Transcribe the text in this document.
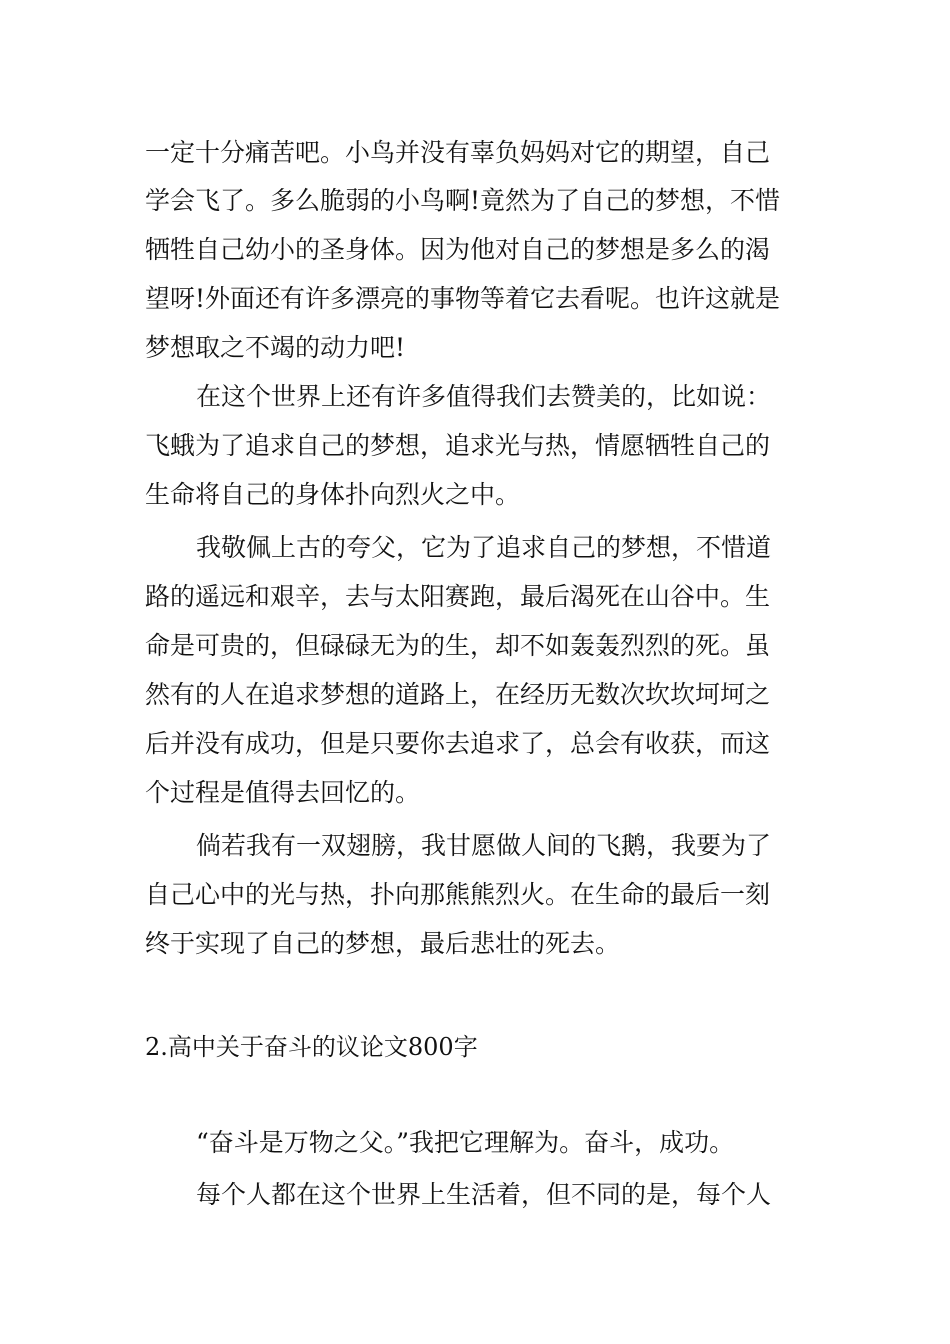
一定十分痛苦吧。小鸟并没有辜负妈妈对它的期望，自己
学会飞了。多么脆弱的小鸟啊!竟然为了自己的梦想，不惜
牺牲自己幼小的圣身体。因为他对自己的梦想是多么的渴
望呀!外面还有许多漂亮的事物等着它去看呢。也许这就是
梦想取之不竭的动力吧!
在这个世界上还有许多值得我们去赞美的，比如说：
飞蛾为了追求自己的梦想，追求光与热，情愿牺牲自己的
生命将自己的身体扑向烈火之中。
我敬佩上古的夸父，它为了追求自己的梦想，不惜道
路的遥远和艰辛，去与太阳赛跑，最后渴死在山谷中。生
命是可贵的，但碌碌无为的生，却不如轰轰烈烈的死。虽
然有的人在追求梦想的道路上，在经历无数次坎坎坷坷之
后并没有成功，但是只要你去追求了，总会有收获，而这
个过程是值得去回忆的。
倘若我有一双翅膀，我甘愿做人间的飞鹅，我要为了
自己心中的光与热，扑向那熊熊烈火。在生命的最后一刻
终于实现了自己的梦想，最后悲壮的死去。
2.高中关于奋斗的议论文800字
“奋斗是万物之父。”我把它理解为。奋斗，成功。
每个人都在这个世界上生活着，但不同的是，每个人
